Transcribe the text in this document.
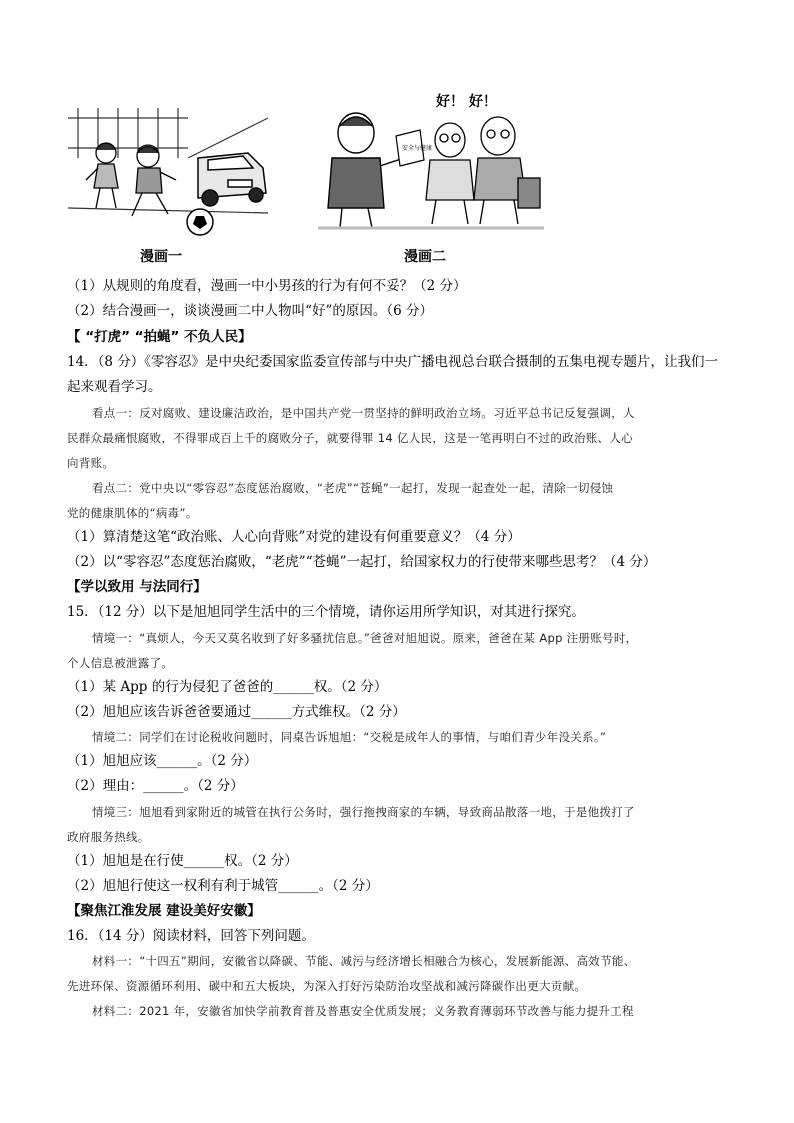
漫画一
好！ 好！
安全与健康
漫画二
（1）从规则的角度看，漫画一中小男孩的行为有何不妥？（2 分）
（2）结合漫画一，谈谈漫画二中人物叫“好”的原因。（6 分）
【 “打虎” “拍蝇” 不负人民】
14．（8 分）《零容忍》是中央纪委国家监委宣传部与中央广播电视总台联合摄制的五集电视专题片，让我们一
起来观看学习。
看点一：反对腐败、建设廉洁政治，是中国共产党一贯坚持的鲜明政治立场。习近平总书记反复强调，人
民群众最痛恨腐败，不得罪成百上千的腐败分子，就要得罪 14 亿人民，这是一笔再明白不过的政治账、人心
向背账。
看点二：党中央以“零容忍”态度惩治腐败，“老虎”“苍蝇”一起打，发现一起查处一起，清除一切侵蚀
党的健康肌体的“病毒”。
（1）算清楚这笔“政治账、人心向背账”对党的建设有何重要意义？（4 分）
（2）以“零容忍”态度惩治腐败，“老虎”“苍蝇”一起打，给国家权力的行使带来哪些思考？（4 分）
【学以致用 与法同行】
15．（12 分）以下是旭旭同学生活中的三个情境，请你运用所学知识，对其进行探究。
情境一：“真烦人，今天又莫名收到了好多骚扰信息。”爸爸对旭旭说。原来，爸爸在某 App 注册账号时，
个人信息被泄露了。
（1）某 App 的行为侵犯了爸爸的______权。（2 分）
（2）旭旭应该告诉爸爸要通过______方式维权。（2 分）
情境二：同学们在讨论税收问题时，同桌告诉旭旭：“交税是成年人的事情，与咱们青少年没关系。”
（1）旭旭应该______。（2 分）
（2）理由：______。（2 分）
情境三：旭旭看到家附近的城管在执行公务时，强行拖拽商家的车辆，导致商品散落一地，于是他拨打了
政府服务热线。
（1）旭旭是在行使______权。（2 分）
（2）旭旭行使这一权利有利于城管______。（2 分）
【聚焦江淮发展 建设美好安徽】
16．（14 分）阅读材料，回答下列问题。
材料一：“十四五”期间，安徽省以降碳、节能、减污与经济增长相融合为核心，发展新能源、高效节能、
先进环保、资源循环利用、碳中和五大板块，为深入打好污染防治攻坚战和减污降碳作出更大贡献。
材料二：2021 年，安徽省加快学前教育普及普惠安全优质发展；义务教育薄弱环节改善与能力提升工程
